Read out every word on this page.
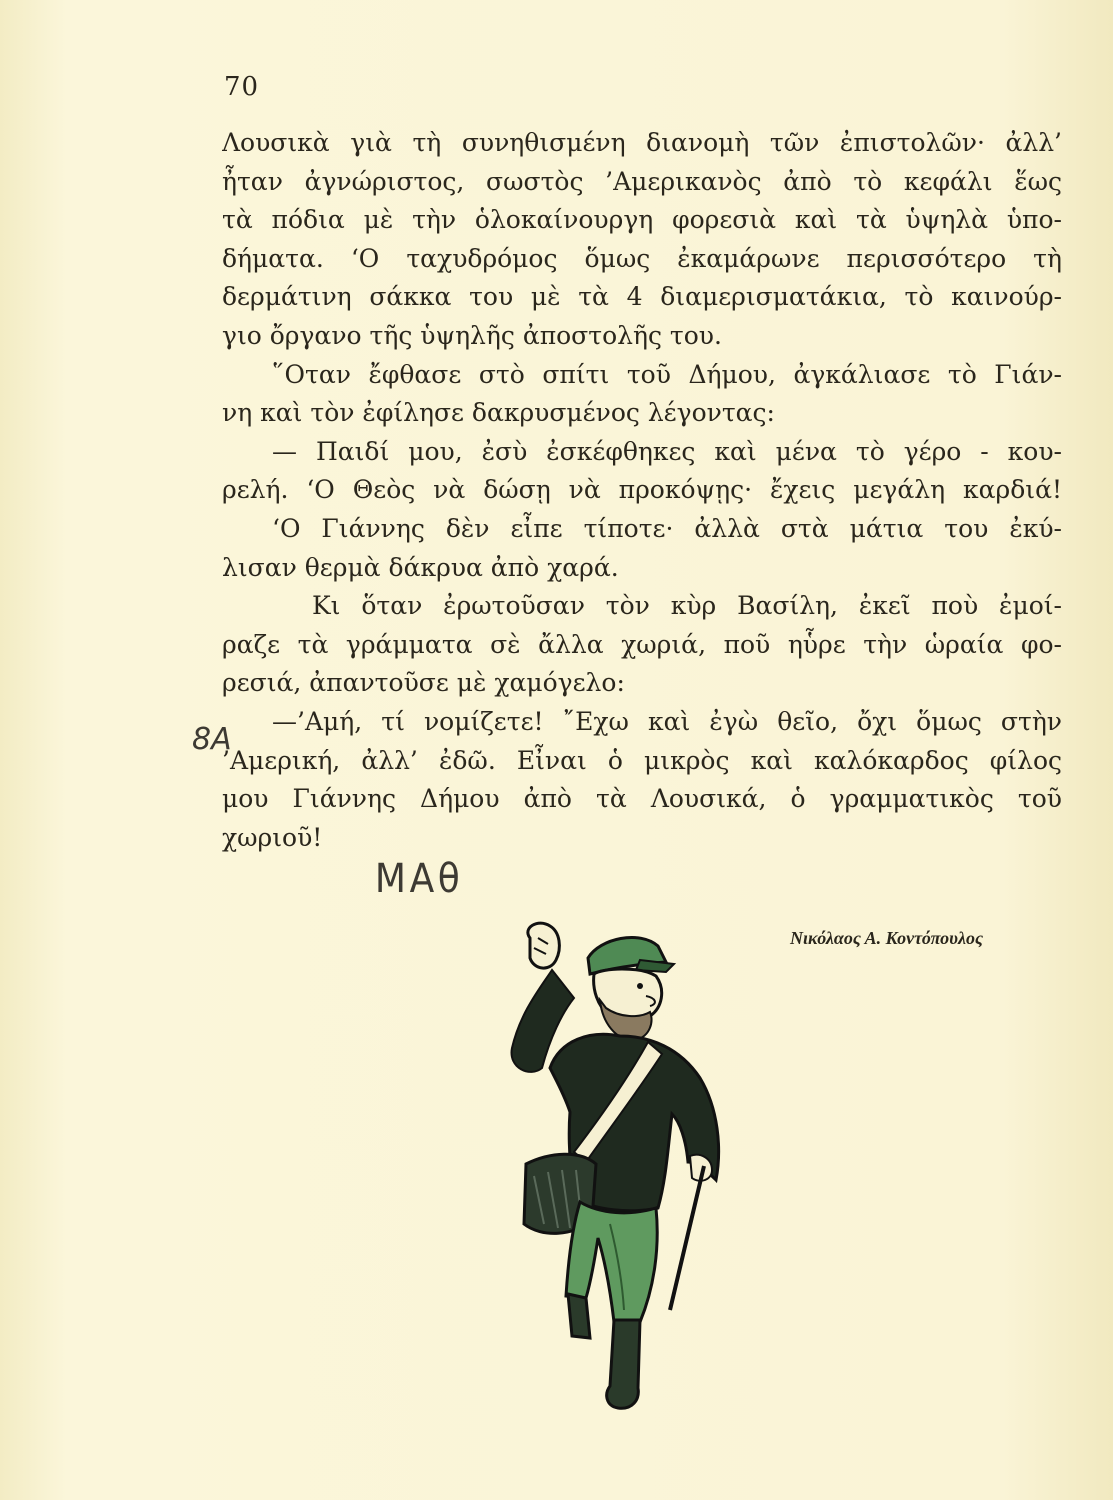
70
Λουσικὰ γιὰ τὴ συνηθισμένη διανομὴ τῶν ἐπιστολῶν· ἀλλ’
ἦταν ἀγνώριστος, σωστὸς ’Αμερικανὸς ἀπὸ τὸ κεφάλι ἕως
τὰ πόδια μὲ τὴν ὁλοκαίνουργη φορεσιὰ καὶ τὰ ὑψηλὰ ὑπο-
δήματα. ‘Ο ταχυδρόμος ὅμως ἐκαμάρωνε περισσότερο τὴ
δερμάτινη σάκκα του μὲ τὰ 4 διαμερισματάκια, τὸ καινούρ-
γιο ὄργανο τῆς ὑψηλῆς ἀποστολῆς του.
῞Οταν ἔφθασε στὸ σπίτι τοῦ Δήμου, ἀγκάλιασε τὸ Γιάν-
νη καὶ τὸν ἐφίλησε δακρυσμένος λέγοντας:
— Παιδί μου, ἐσὺ ἐσκέφθηκες καὶ μένα τὸ γέρο - κου-
ρελή. ‘Ο Θεὸς νὰ δώσῃ νὰ προκόψῃς· ἔχεις μεγάλη καρδιά!
‘Ο Γιάννης δὲν εἶπε τίποτε· ἀλλὰ στὰ μάτια του ἐκύ-
λισαν θερμὰ δάκρυα ἀπὸ χαρά.
Κι ὅταν ἐρωτοῦσαν τὸν κὺρ Βασίλη, ἐκεῖ ποὺ ἐμοί-
ραζε τὰ γράμματα σὲ ἄλλα χωριά, ποῦ ηὗρε τὴν ὡραία φο-
ρεσιά, ἀπαντοῦσε μὲ χαμόγελο:
—’Αμή, τί νομίζετε! ῎Εχω καὶ ἐγὼ θεῖο, ὄχι ὅμως στὴν
’Αμερική, ἀλλ’ ἐδῶ. Εἶναι ὁ μικρὸς καὶ καλόκαρδος φίλος
μου Γιάννης Δήμου ἀπὸ τὰ Λουσικά, ὁ γραμματικὸς τοῦ
χωριοῦ!
8A
ΜΑθ
Νικόλαος Α. Κοντόπουλος
